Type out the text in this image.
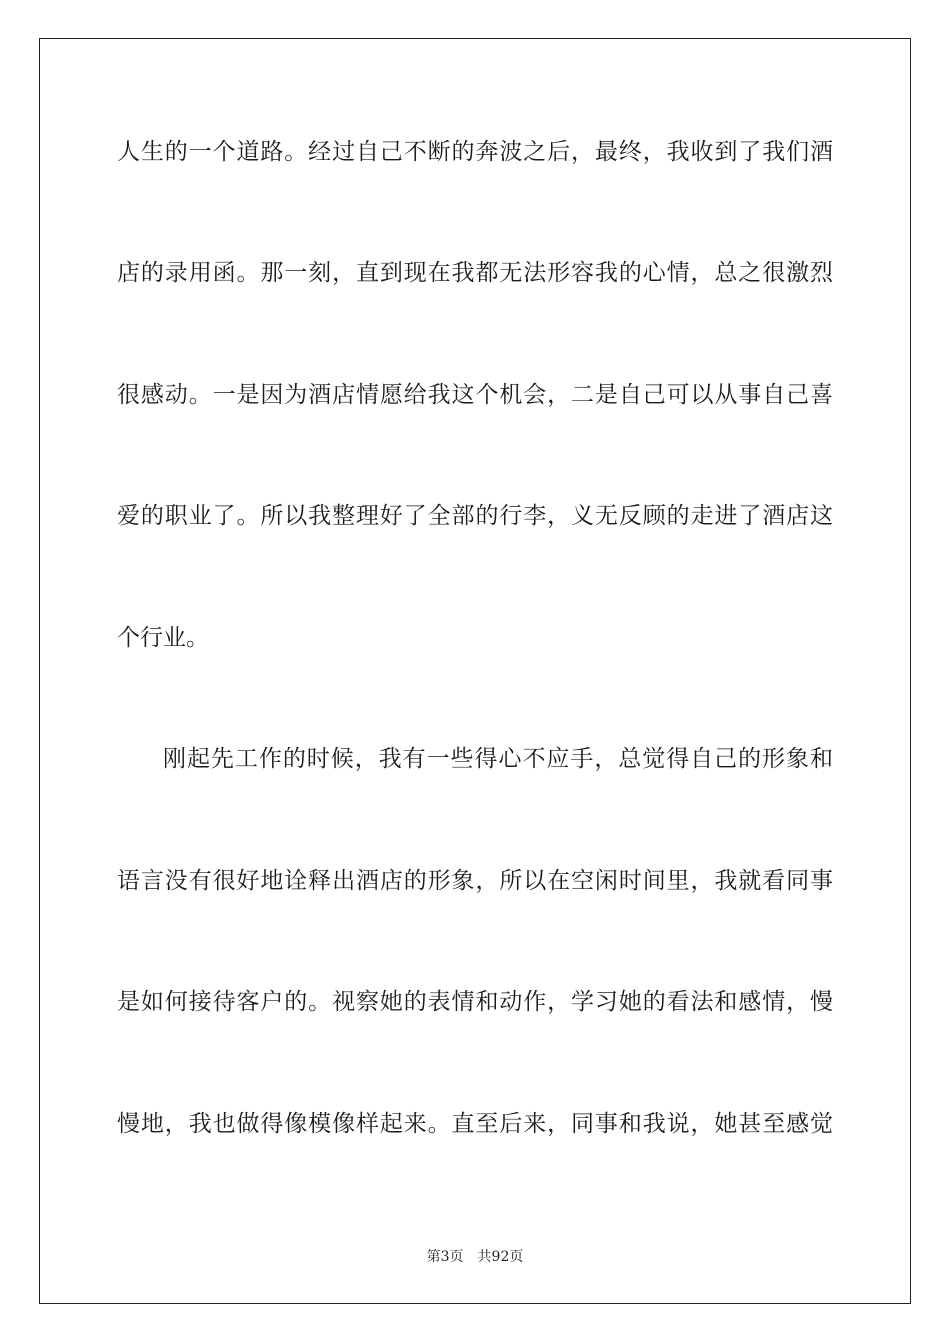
人生的一个道路。经过自己不断的奔波之后，最终，我收到了我们酒
店的录用函。那一刻，直到现在我都无法形容我的心情，总之很激烈
很感动。一是因为酒店情愿给我这个机会，二是自己可以从事自己喜
爱的职业了。所以我整理好了全部的行李，义无反顾的走进了酒店这
个行业。
刚起先工作的时候，我有一些得心不应手，总觉得自己的形象和
语言没有很好地诠释出酒店的形象，所以在空闲时间里，我就看同事
是如何接待客户的。视察她的表情和动作，学习她的看法和感情，慢
慢地，我也做得像模像样起来。直至后来，同事和我说，她甚至感觉
第3页 共92页
